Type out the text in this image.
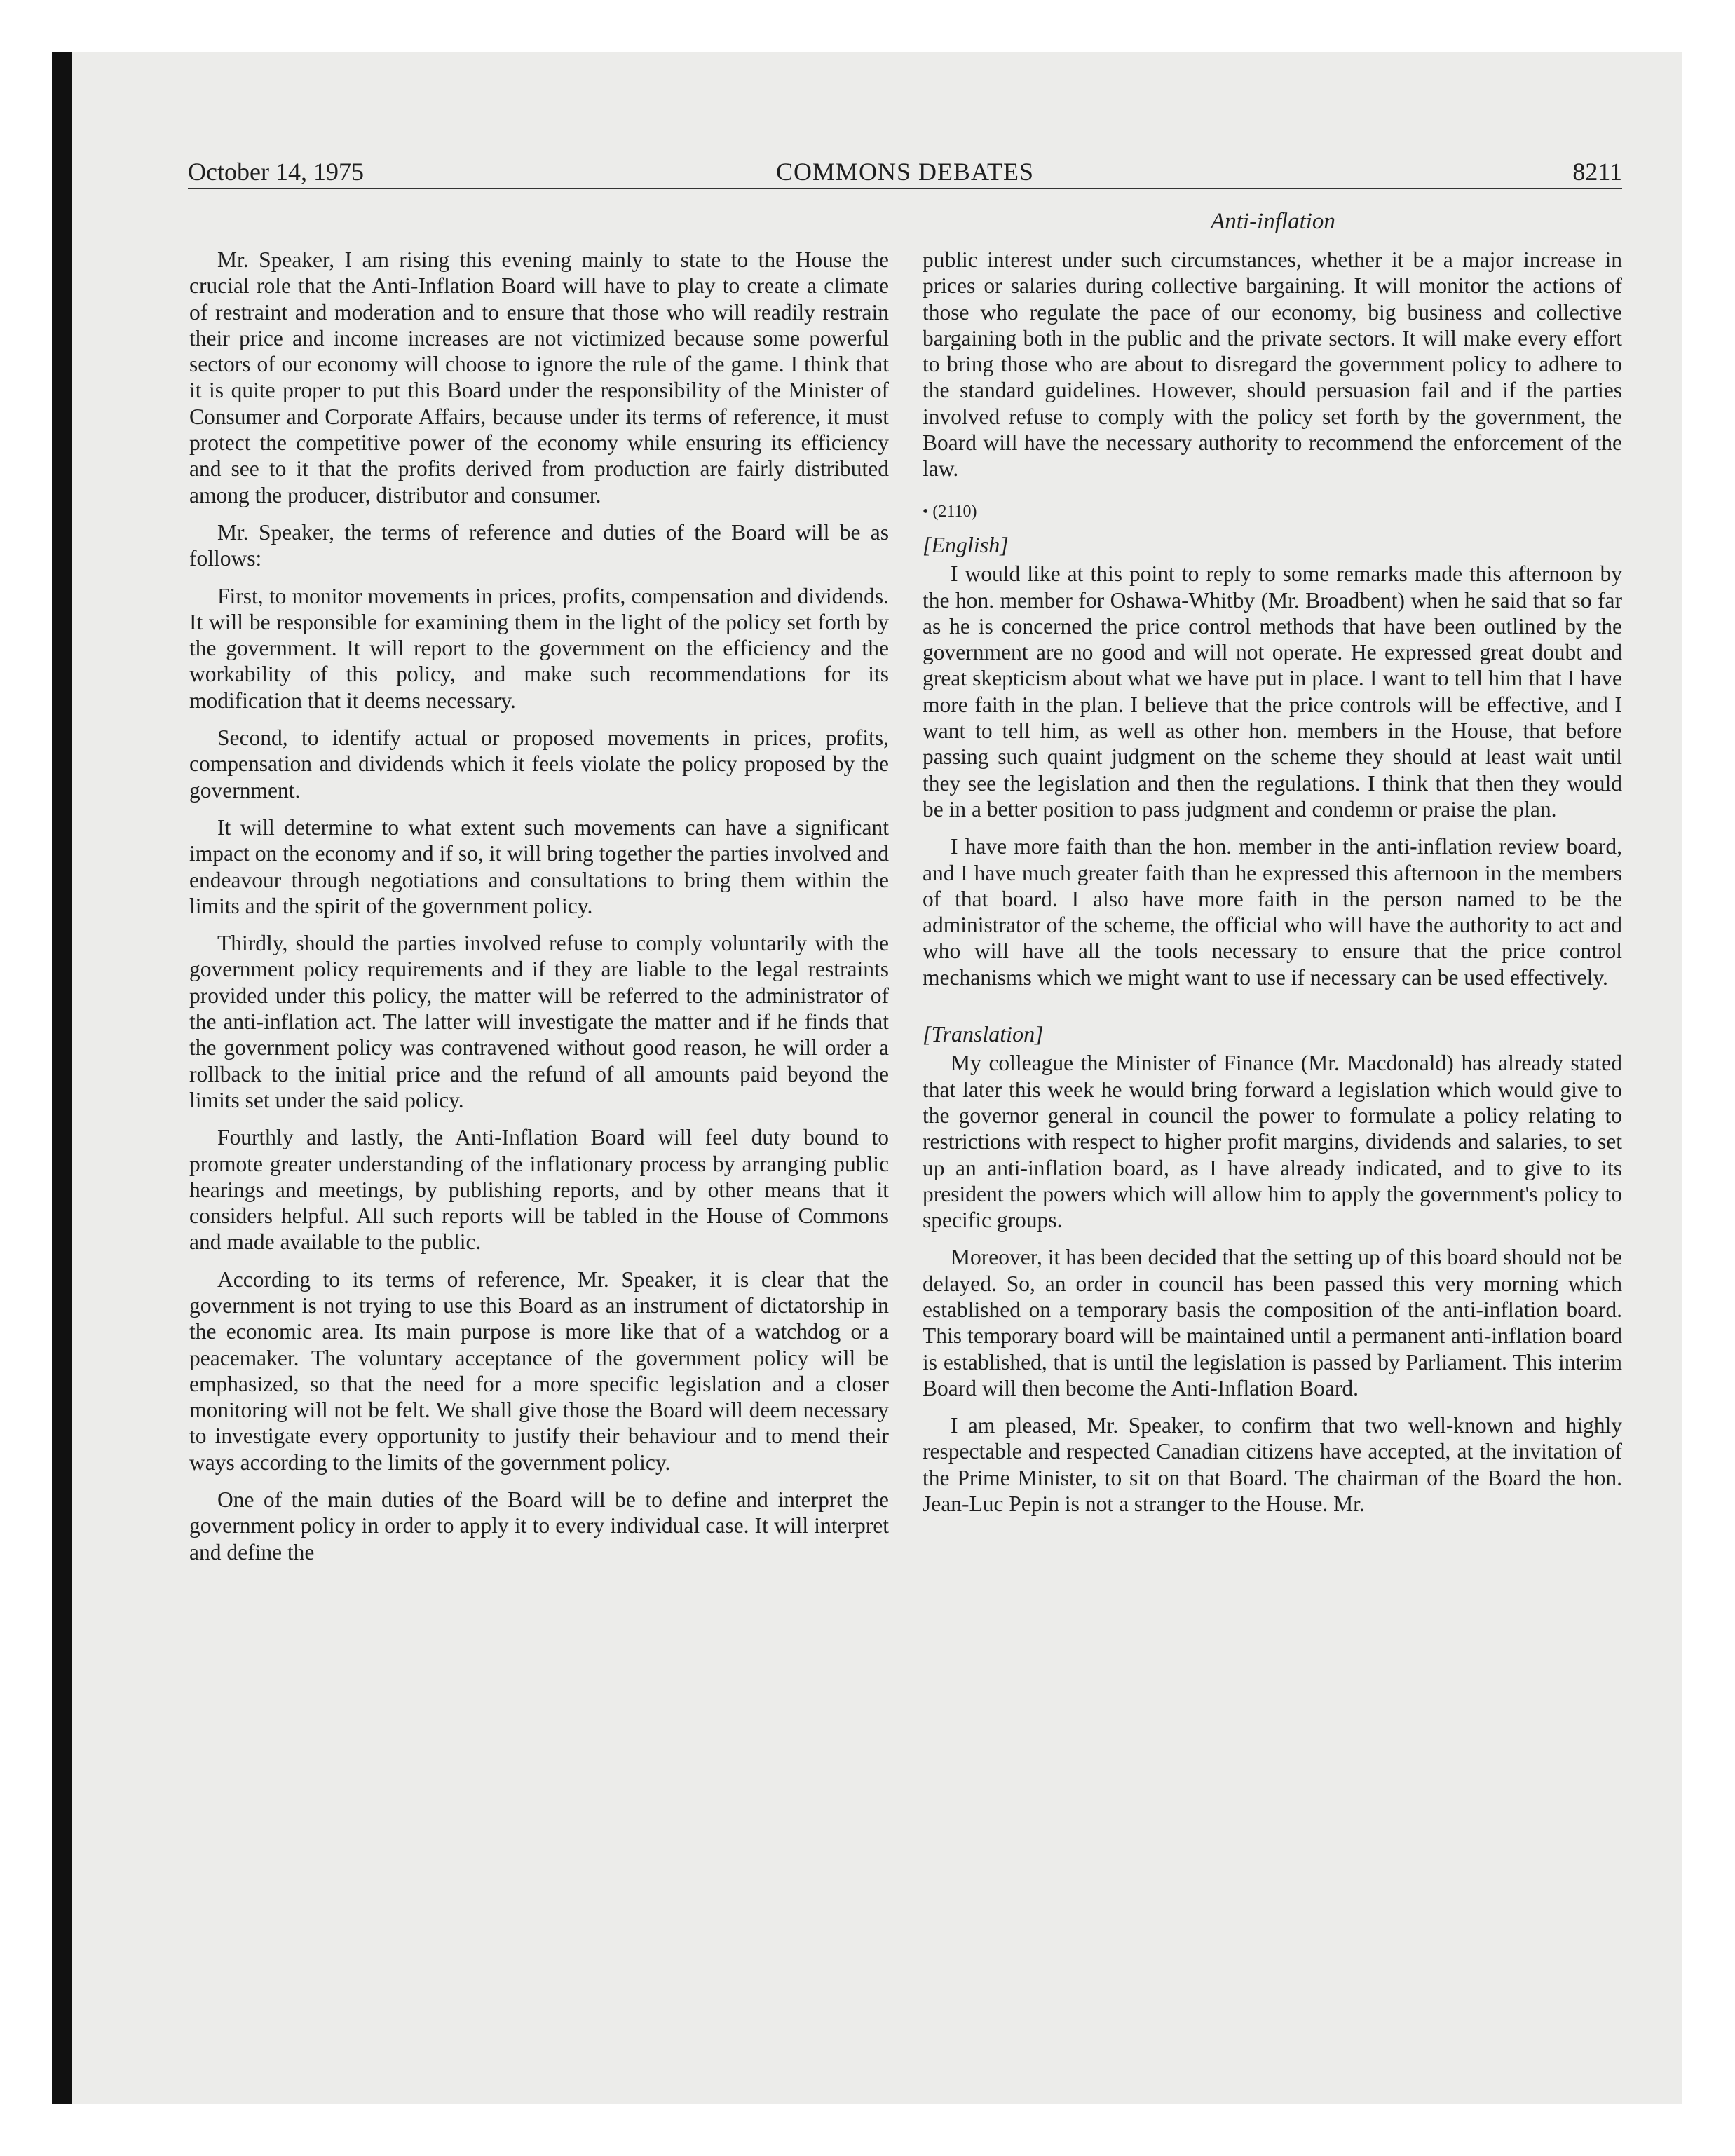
October 14, 1975	COMMONS DEBATES	8211
Anti-inflation

Mr. Speaker, I am rising this evening mainly to state to the House the crucial role that the Anti-Inflation Board will have to play to create a climate of restraint and moderation and to ensure that those who will readily restrain their price and income increases are not victimized because some powerful sectors of our economy will choose to ignore the rule of the game. I think that it is quite proper to put this Board under the responsibility of the Minister of Consumer and Corporate Affairs, because under its terms of reference, it must protect the competitive power of the economy while ensuring its efficiency and see to it that the profits derived from production are fairly distributed among the producer, distributor and consumer.

Mr. Speaker, the terms of reference and duties of the Board will be as follows:

First, to monitor movements in prices, profits, compensation and dividends. It will be responsible for examining them in the light of the policy set forth by the government. It will report to the government on the efficiency and the workability of this policy, and make such recommendations for its modification that it deems necessary.

Second, to identify actual or proposed movements in prices, profits, compensation and dividends which it feels violate the policy proposed by the government.

It will determine to what extent such movements can have a significant impact on the economy and if so, it will bring together the parties involved and endeavour through negotiations and consultations to bring them within the limits and the spirit of the government policy.

Thirdly, should the parties involved refuse to comply voluntarily with the government policy requirements and if they are liable to the legal restraints provided under this policy, the matter will be referred to the administrator of the anti-inflation act. The latter will investigate the matter and if he finds that the government policy was contravened without good reason, he will order a rollback to the initial price and the refund of all amounts paid beyond the limits set under the said policy.

Fourthly and lastly, the Anti-Inflation Board will feel duty bound to promote greater understanding of the inflationary process by arranging public hearings and meetings, by publishing reports, and by other means that it considers helpful. All such reports will be tabled in the House of Commons and made available to the public.

According to its terms of reference, Mr. Speaker, it is clear that the government is not trying to use this Board as an instrument of dictatorship in the economic area. Its main purpose is more like that of a watchdog or a peacemaker. The voluntary acceptance of the government policy will be emphasized, so that the need for a more specific legislation and a closer monitoring will not be felt. We shall give those the Board will deem necessary to investigate every opportunity to justify their behaviour and to mend their ways according to the limits of the government policy.

One of the main duties of the Board will be to define and interpret the government policy in order to apply it to every individual case. It will interpret and define the

public interest under such circumstances, whether it be a major increase in prices or salaries during collective bargaining. It will monitor the actions of those who regulate the pace of our economy, big business and collective bargaining both in the public and the private sectors. It will make every effort to bring those who are about to disregard the government policy to adhere to the standard guidelines. However, should persuasion fail and if the parties involved refuse to comply with the policy set forth by the government, the Board will have the necessary authority to recommend the enforcement of the law.

• (2110)
[English]

I would like at this point to reply to some remarks made this afternoon by the hon. member for Oshawa-Whitby (Mr. Broadbent) when he said that so far as he is concerned the price control methods that have been outlined by the government are no good and will not operate. He expressed great doubt and great skepticism about what we have put in place. I want to tell him that I have more faith in the plan. I believe that the price controls will be effective, and I want to tell him, as well as other hon. members in the House, that before passing such quaint judgment on the scheme they should at least wait until they see the legislation and then the regulations. I think that then they would be in a better position to pass judgment and condemn or praise the plan.

I have more faith than the hon. member in the anti-inflation review board, and I have much greater faith than he expressed this afternoon in the members of that board. I also have more faith in the person named to be the administrator of the scheme, the official who will have the authority to act and who will have all the tools necessary to ensure that the price control mechanisms which we might want to use if necessary can be used effectively.

[Translation]

My colleague the Minister of Finance (Mr. Macdonald) has already stated that later this week he would bring forward a legislation which would give to the governor general in council the power to formulate a policy relating to restrictions with respect to higher profit margins, dividends and salaries, to set up an anti-inflation board, as I have already indicated, and to give to its president the powers which will allow him to apply the government's policy to specific groups.

Moreover, it has been decided that the setting up of this board should not be delayed. So, an order in council has been passed this very morning which established on a temporary basis the composition of the anti-inflation board. This temporary board will be maintained until a permanent anti-inflation board is established, that is until the legislation is passed by Parliament. This interim Board will then become the Anti-Inflation Board.

I am pleased, Mr. Speaker, to confirm that two well-known and highly respectable and respected Canadian citizens have accepted, at the invitation of the Prime Minister, to sit on that Board. The chairman of the Board the hon. Jean-Luc Pepin is not a stranger to the House. Mr.
